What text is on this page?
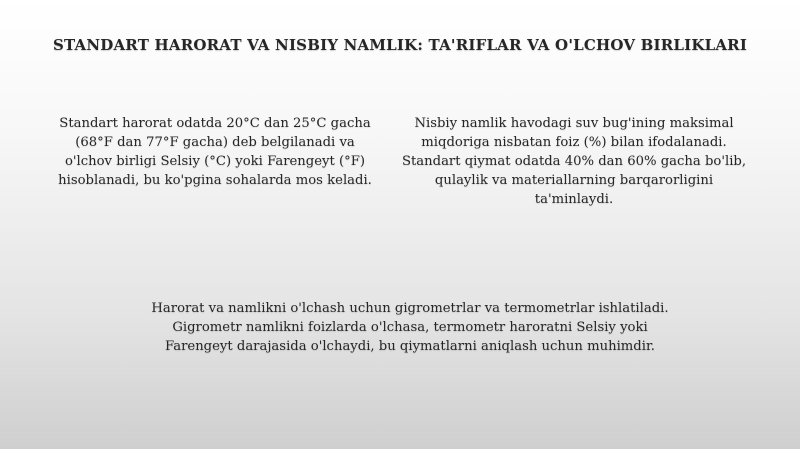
STANDART HARORAT VA NISBIY NAMLIK: TA'RIFLAR VA O'LCHOV BIRLIKLARI
Standart harorat odatda 20°C dan 25°C gacha (68°F dan 77°F gacha) deb belgilanadi va o'lchov birligi Selsiy (°C) yoki Farengeyt (°F) hisoblanadi, bu ko'pgina sohalarda mos keladi.
Nisbiy namlik havodagi suv bug'ining maksimal miqdoriga nisbatan foiz (%) bilan ifodalanadi. Standart qiymat odatda 40% dan 60% gacha bo'lib, qulaylik va materiallarning barqarorligini ta'minlaydi.
Harorat va namlikni o'lchash uchun gigrometrlar va termometrlar ishlatiladi. Gigrometr namlikni foizlarda o'lchasa, termometr haroratni Selsiy yoki Farengeyt darajasida o'lchaydi, bu qiymatlarni aniqlash uchun muhimdir.
